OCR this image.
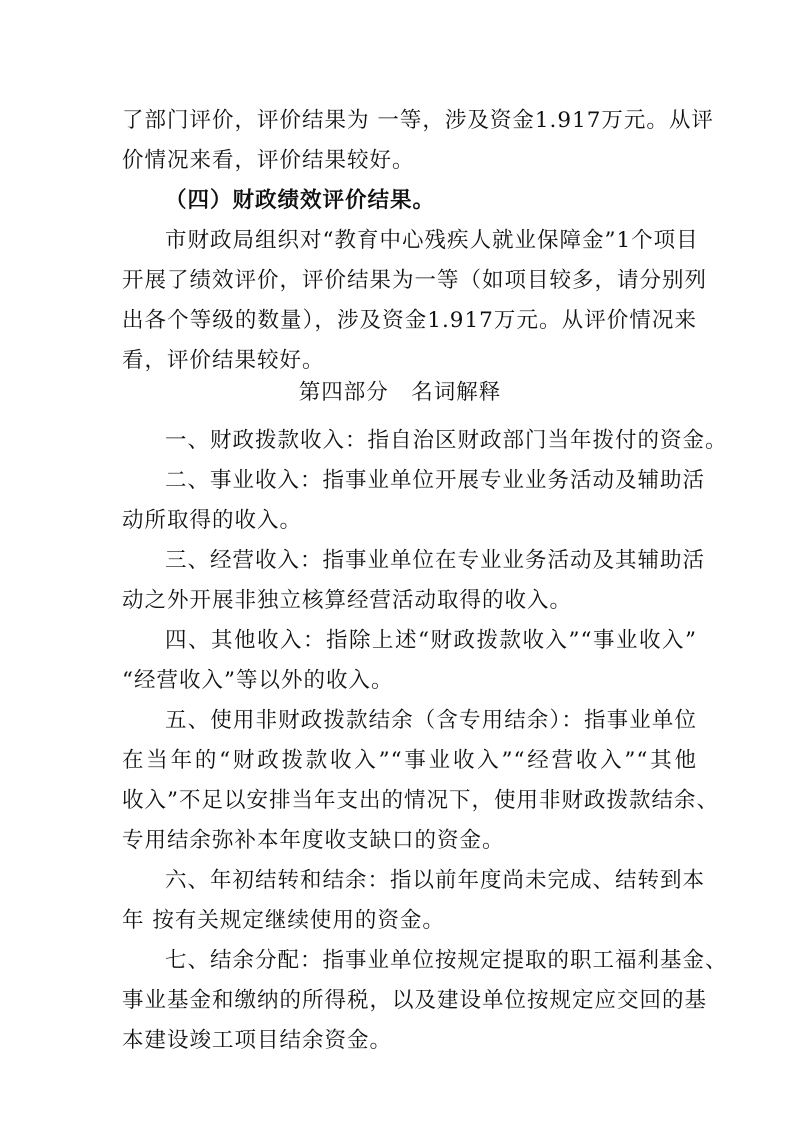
了部门评价，评价结果为 一等，涉及资金1.917万元。从评
价情况来看，评价结果较好。
（四）财政绩效评价结果。
市财政局组织对“教育中心残疾人就业保障金”1个项目
开展了绩效评价，评价结果为一等（如项目较多，请分别列
出各个等级的数量），涉及资金1.917万元。从评价情况来
看，评价结果较好。
第四部分　名词解释
一、财政拨款收入：指自治区财政部门当年拨付的资金。
二、事业收入：指事业单位开展专业业务活动及辅助活
动所取得的收入。
三、经营收入：指事业单位在专业业务活动及其辅助活
动之外开展非独立核算经营活动取得的收入。
四、其他收入：指除上述“财政拨款收入”“事业收入”
“经营收入”等以外的收入。
五、使用非财政拨款结余（含专用结余）：指事业单位
在当年的“财政拨款收入”“事业收入”“经营收入”“其他
收入”不足以安排当年支出的情况下，使用非财政拨款结余、
专用结余弥补本年度收支缺口的资金。
六、年初结转和结余：指以前年度尚未完成、结转到本
年 按有关规定继续使用的资金。
七、结余分配：指事业单位按规定提取的职工福利基金、
事业基金和缴纳的所得税，以及建设单位按规定应交回的基
本建设竣工项目结余资金。
